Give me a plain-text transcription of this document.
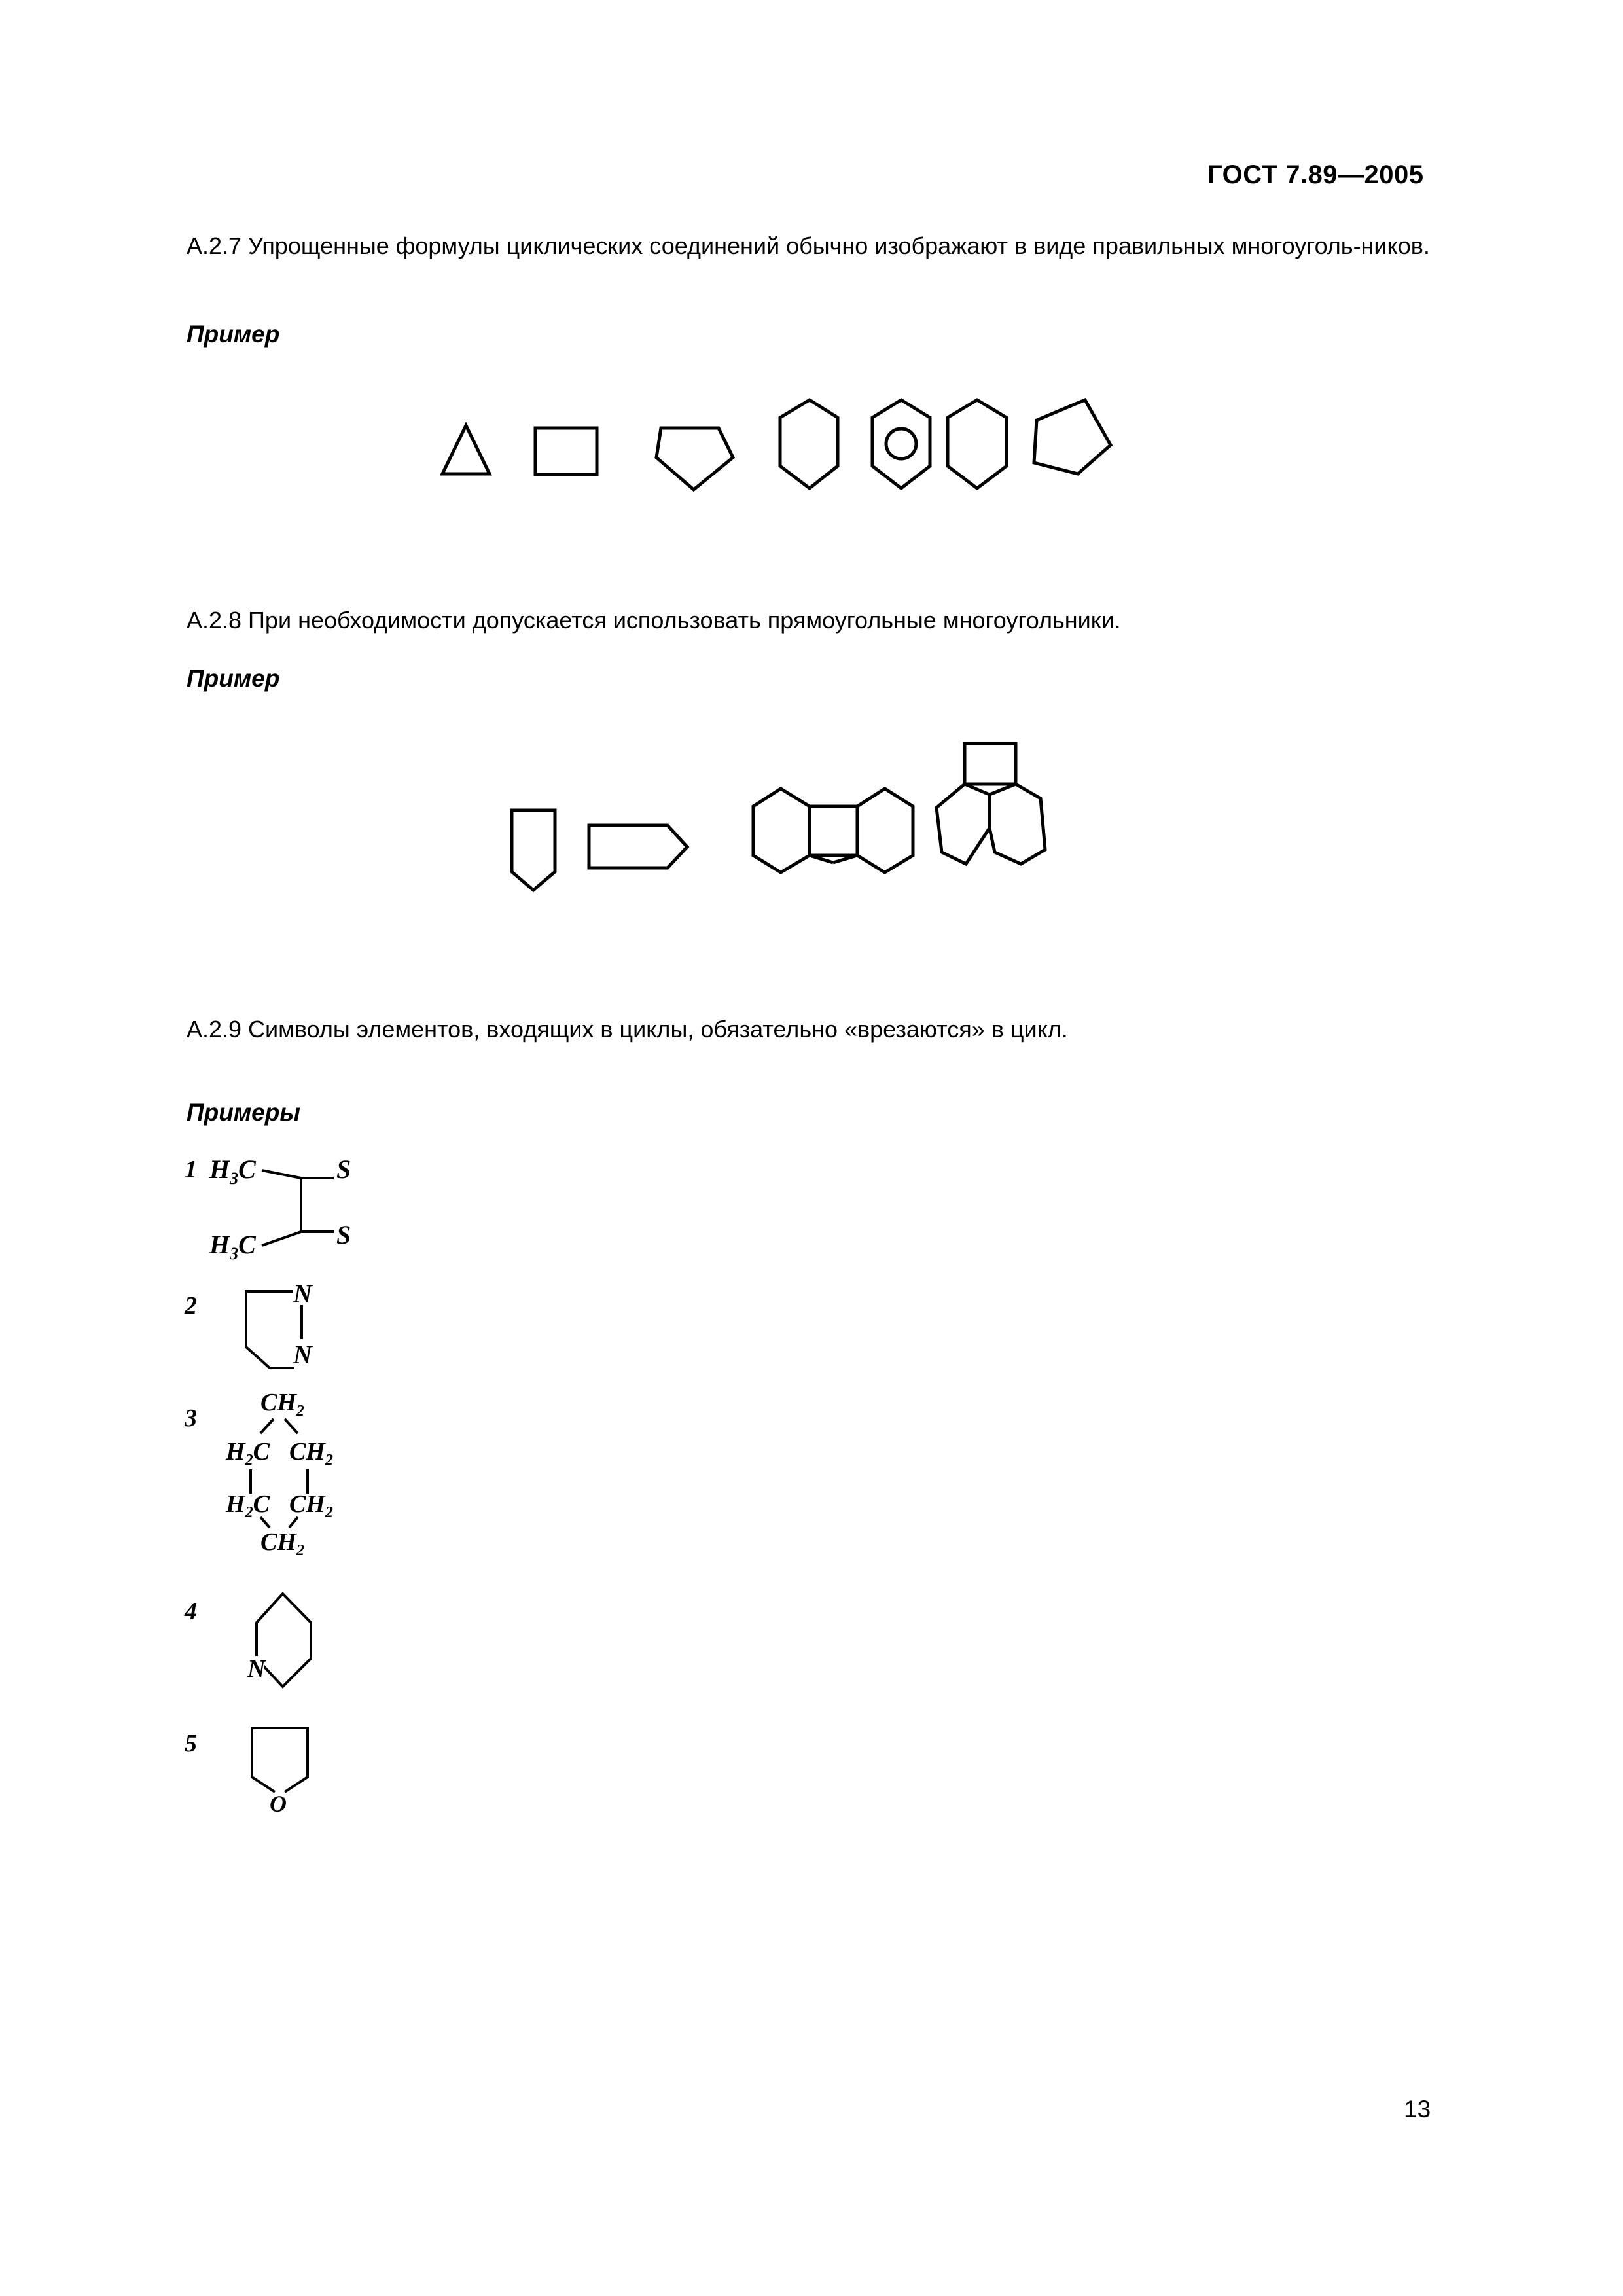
ГОСТ 7.89—2005
А.2.7 Упрощенные формулы циклических соединений обычно изображают в виде правильных многоуголь-ников.
Пример
А.2.8 При необходимости допускается использовать прямоугольные многоугольники.
Пример
А.2.9 Символы элементов, входящих в циклы, обязательно «врезаются» в цикл.
Примеры
1
2
3
4
5
$H_3C$	S
S
$H_3C$
N
N
$CH_2$
$H_2C$ $CH_2$
$H_2C$ $CH_2$
$CH_2$
N
O
13
